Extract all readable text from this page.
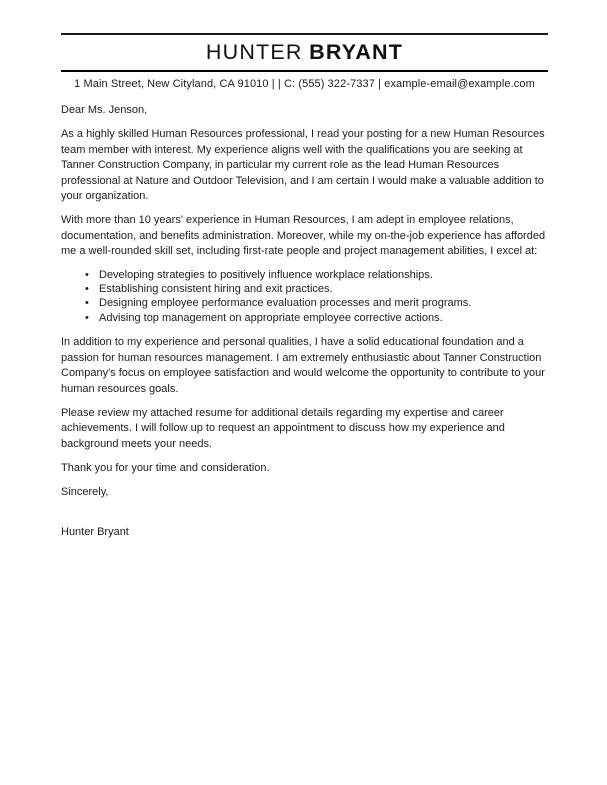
HUNTER BRYANT
1 Main Street, New Cityland, CA 91010 | | C: (555) 322-7337 | example-email@example.com

Dear Ms. Jenson,

As a highly skilled Human Resources professional, I read your posting for a new Human Resources team member with interest. My experience aligns well with the qualifications you are seeking at Tanner Construction Company, in particular my current role as the lead Human Resources professional at Nature and Outdoor Television, and I am certain I would make a valuable addition to your organization.

With more than 10 years' experience in Human Resources, I am adept in employee relations, documentation, and benefits administration. Moreover, while my on-the-job experience has afforded me a well-rounded skill set, including first-rate people and project management abilities, I excel at:

• Developing strategies to positively influence workplace relationships.
• Establishing consistent hiring and exit practices.
• Designing employee performance evaluation processes and merit programs.
• Advising top management on appropriate employee corrective actions.

In addition to my experience and personal qualities, I have a solid educational foundation and a passion for human resources management. I am extremely enthusiastic about Tanner Construction Company's focus on employee satisfaction and would welcome the opportunity to contribute to your human resources goals.

Please review my attached resume for additional details regarding my expertise and career achievements. I will follow up to request an appointment to discuss how my experience and background meets your needs.

Thank you for your time and consideration.

Sincerely,

Hunter Bryant
